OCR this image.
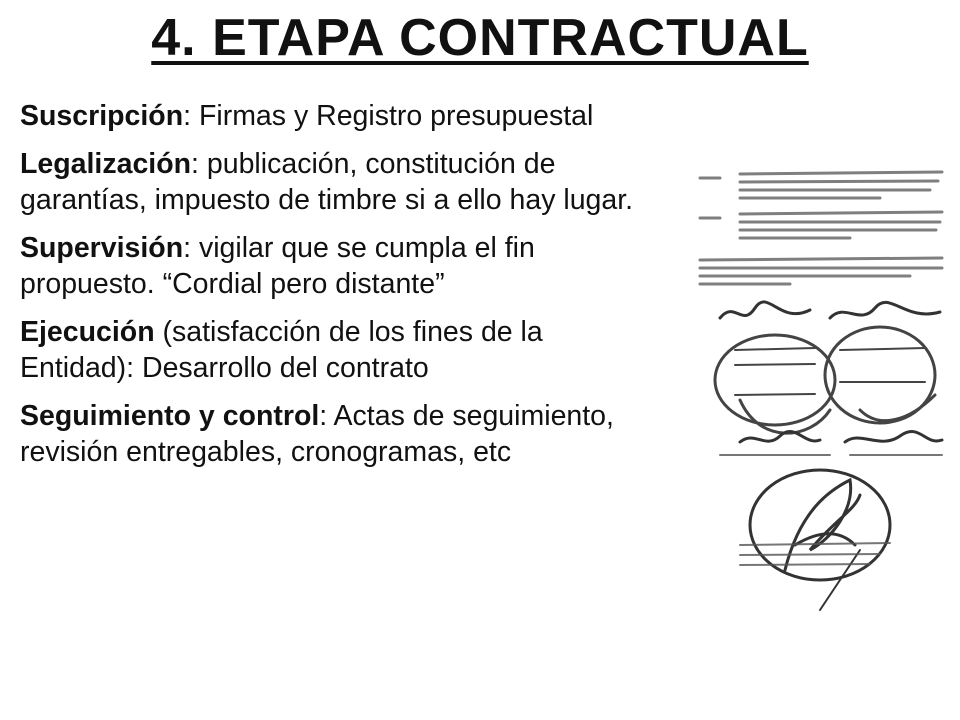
4. ETAPA CONTRACTUAL

Suscripción: Firmas y Registro presupuestal

Legalización: publicación, constitución de garantías, impuesto de timbre si a ello hay lugar.

Supervisión: vigilar que se cumpla el fin propuesto. “Cordial pero distante”

Ejecución (satisfacción de los fines de la Entidad): Desarrollo del contrato

Seguimiento y control: Actas de seguimiento, revisión entregables, cronogramas, etc
